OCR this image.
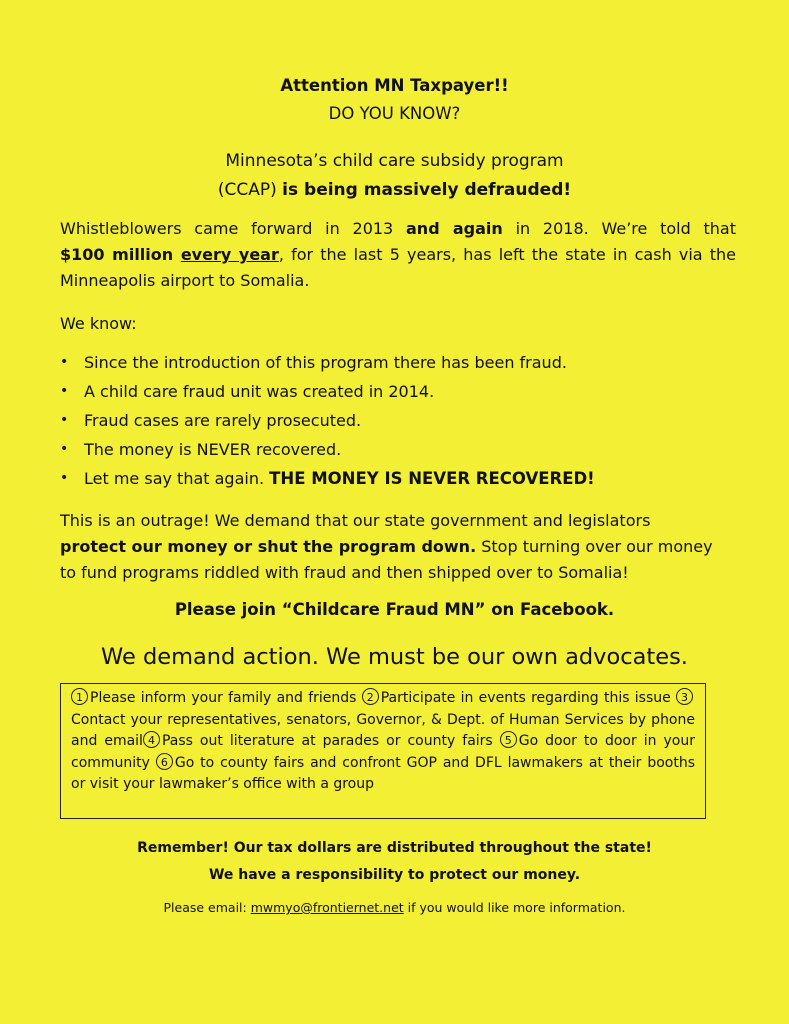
Attention MN Taxpayer!!
DO YOU KNOW?
Minnesota’s child care subsidy program
(CCAP) is being massively defrauded!
Whistleblowers came forward in 2013 and again in 2018. We’re told that
$100 million every year, for the last 5 years, has left the state in cash via the
Minneapolis airport to Somalia.
We know:
• Since the introduction of this program there has been fraud.
• A child care fraud unit was created in 2014.
• Fraud cases are rarely prosecuted.
• The money is NEVER recovered.
• Let me say that again. THE MONEY IS NEVER RECOVERED!
This is an outrage! We demand that our state government and legislators
protect our money or shut the program down. Stop turning over our money
to fund programs riddled with fraud and then shipped over to Somalia!
Please join “Childcare Fraud MN” on Facebook.
We demand action. We must be our own advocates.
1 Please inform your family and friends 2 Participate in events regarding this issue 3Contact your representatives, senators, Governor, & Dept. of Human Services by phone and email 4 Pass out literature at parades or county fairs 5 Go door to door in your community 6 Go to county fairs and confront GOP and DFL lawmakers at their booths or visit your lawmaker’s office with a group
Remember! Our tax dollars are distributed throughout the state!
We have a responsibility to protect our money.
Please email: mwmyo@frontiernet.net if you would like more information.
